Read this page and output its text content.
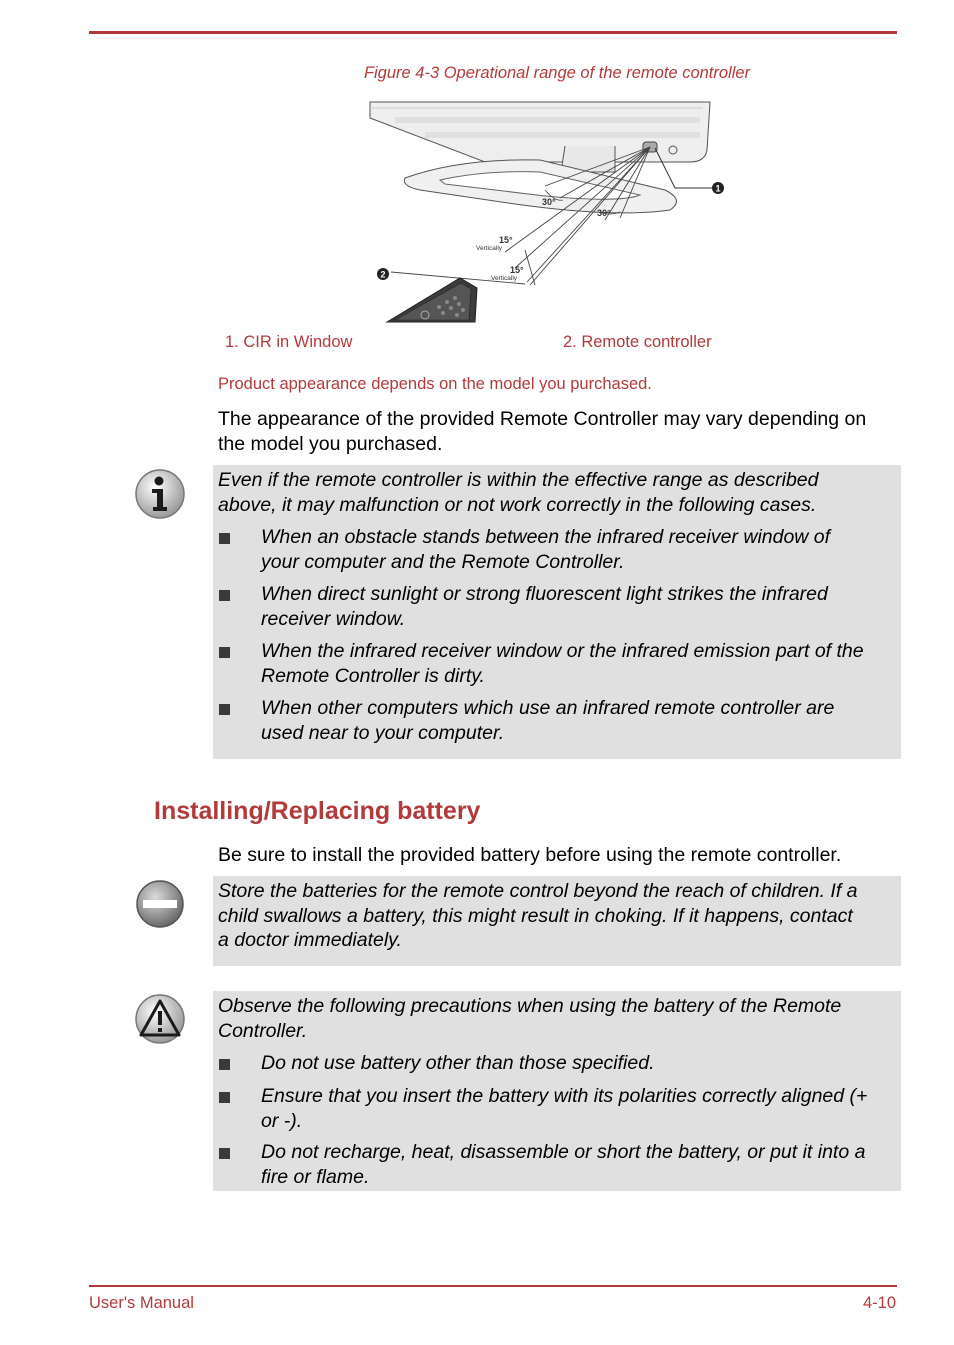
Figure 4-3 Operational range of the remote controller
1
30°
30°
15°
Vertically
15°
Vertically
2
1. CIR in Window	2. Remote controller
Product appearance depends on the model you purchased.
The appearance of the provided Remote Controller may vary depending on
the model you purchased.
Even if the remote controller is within the effective range as described
above, it may malfunction or not work correctly in the following cases.
When an obstacle stands between the infrared receiver window of
your computer and the Remote Controller.
When direct sunlight or strong fluorescent light strikes the infrared
receiver window.
When the infrared receiver window or the infrared emission part of the
Remote Controller is dirty.
When other computers which use an infrared remote controller are
used near to your computer.
Installing/Replacing battery
Be sure to install the provided battery before using the remote controller.
Store the batteries for the remote control beyond the reach of children. If a
child swallows a battery, this might result in choking. If it happens, contact
a doctor immediately.
Observe the following precautions when using the battery of the Remote
Controller.
Do not use battery other than those specified.
Ensure that you insert the battery with its polarities correctly aligned (+
or -).
Do not recharge, heat, disassemble or short the battery, or put it into a
fire or flame.
User's Manual	4-10
